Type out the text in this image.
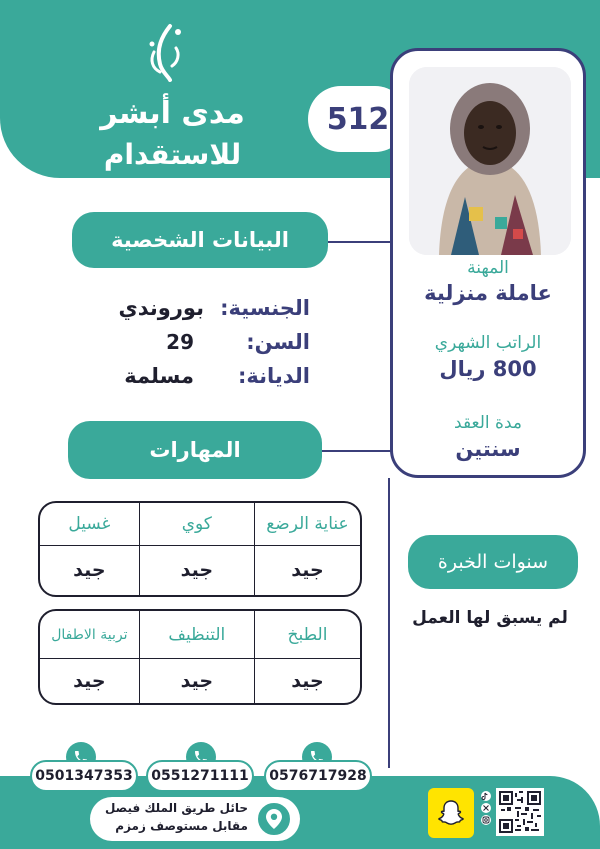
مدى أبشر
للاستقدام
512
المهنة
عاملة منزلية
الراتب الشهري
800 ريال
مدة العقد
سنتين
البيانات الشخصية
الجنسية:
بوروندي
السن:
29
الديانة:
مسلمة
المهارات
عناية الرضع	كوي	غسيل
جيد	جيد	جيد
الطبخ	التنظيف	تربية الاطفال
جيد	جيد	جيد
سنوات الخبرة
لم يسبق لها العمل
0576717928
0551271111
0501347353
حائل طريق الملك فيصل
مقابل مستوصف زمزم
